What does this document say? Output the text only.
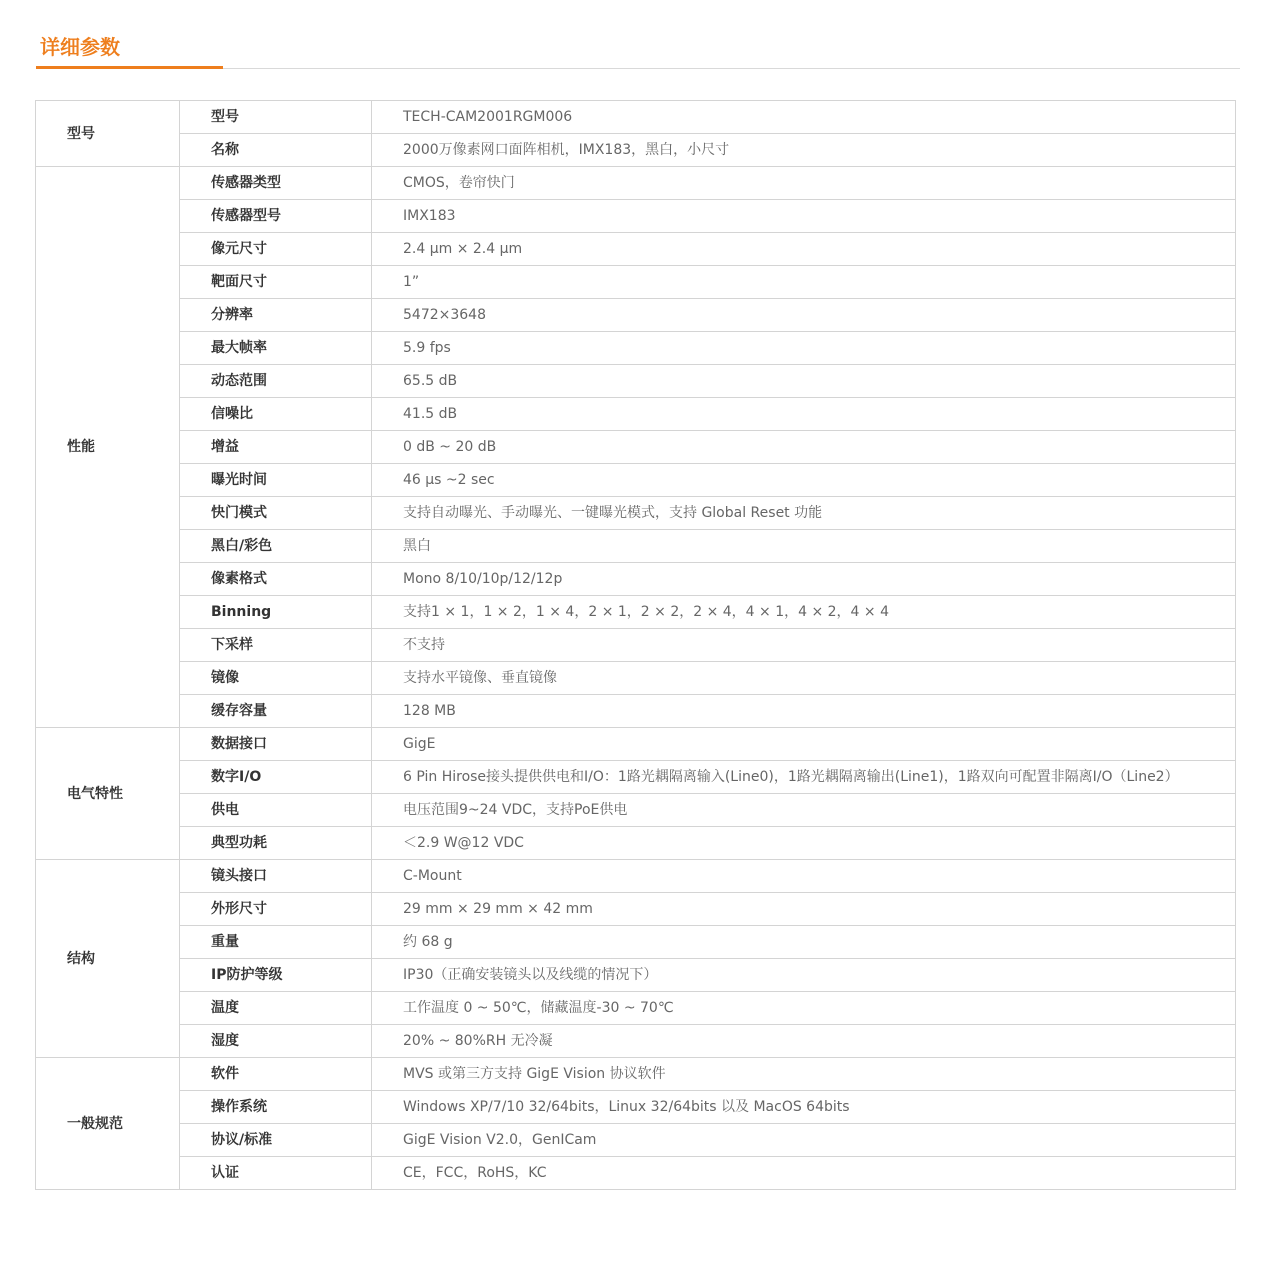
详细参数
型号	型号	TECH-CAM2001RGM006
	名称	2000万像素网口面阵相机，IMX183，黑白，小尺寸
性能	传感器类型	CMOS，卷帘快门
	传感器型号	IMX183
	像元尺寸	2.4 μm × 2.4 μm
	靶面尺寸	1”
	分辨率	5472×3648
	最大帧率	5.9 fps
	动态范围	65.5 dB
	信噪比	41.5 dB
	增益	0 dB ~ 20 dB
	曝光时间	46 μs ~2 sec
	快门模式	支持自动曝光、手动曝光、一键曝光模式，支持 Global Reset 功能
	黑白/彩色	黑白
	像素格式	Mono 8/10/10p/12/12p
	Binning	支持1 × 1，1 × 2，1 × 4，2 × 1，2 × 2，2 × 4，4 × 1，4 × 2，4 × 4
	下采样	不支持
	镜像	支持水平镜像、垂直镜像
	缓存容量	128 MB
电气特性	数据接口	GigE
	数字I/O	6 Pin Hirose接头提供供电和I/O：1路光耦隔离输入(Line0)，1路光耦隔离输出(Line1)，1路双向可配置非隔离I/O（Line2）
	供电	电压范围9~24 VDC，支持PoE供电
	典型功耗	＜2.9 W@12 VDC
结构	镜头接口	C-Mount
	外形尺寸	29 mm × 29 mm × 42 mm
	重量	约 68 g
	IP防护等级	IP30（正确安装镜头以及线缆的情况下）
	温度	工作温度 0 ~ 50℃，储藏温度-30 ~ 70℃
	湿度	20% ~ 80%RH 无冷凝
一般规范	软件	MVS 或第三方支持 GigE Vision 协议软件
	操作系统	Windows XP/7/10 32/64bits，Linux 32/64bits 以及 MacOS 64bits
	协议/标准	GigE Vision V2.0，GenICam
	认证	CE，FCC，RoHS，KC
